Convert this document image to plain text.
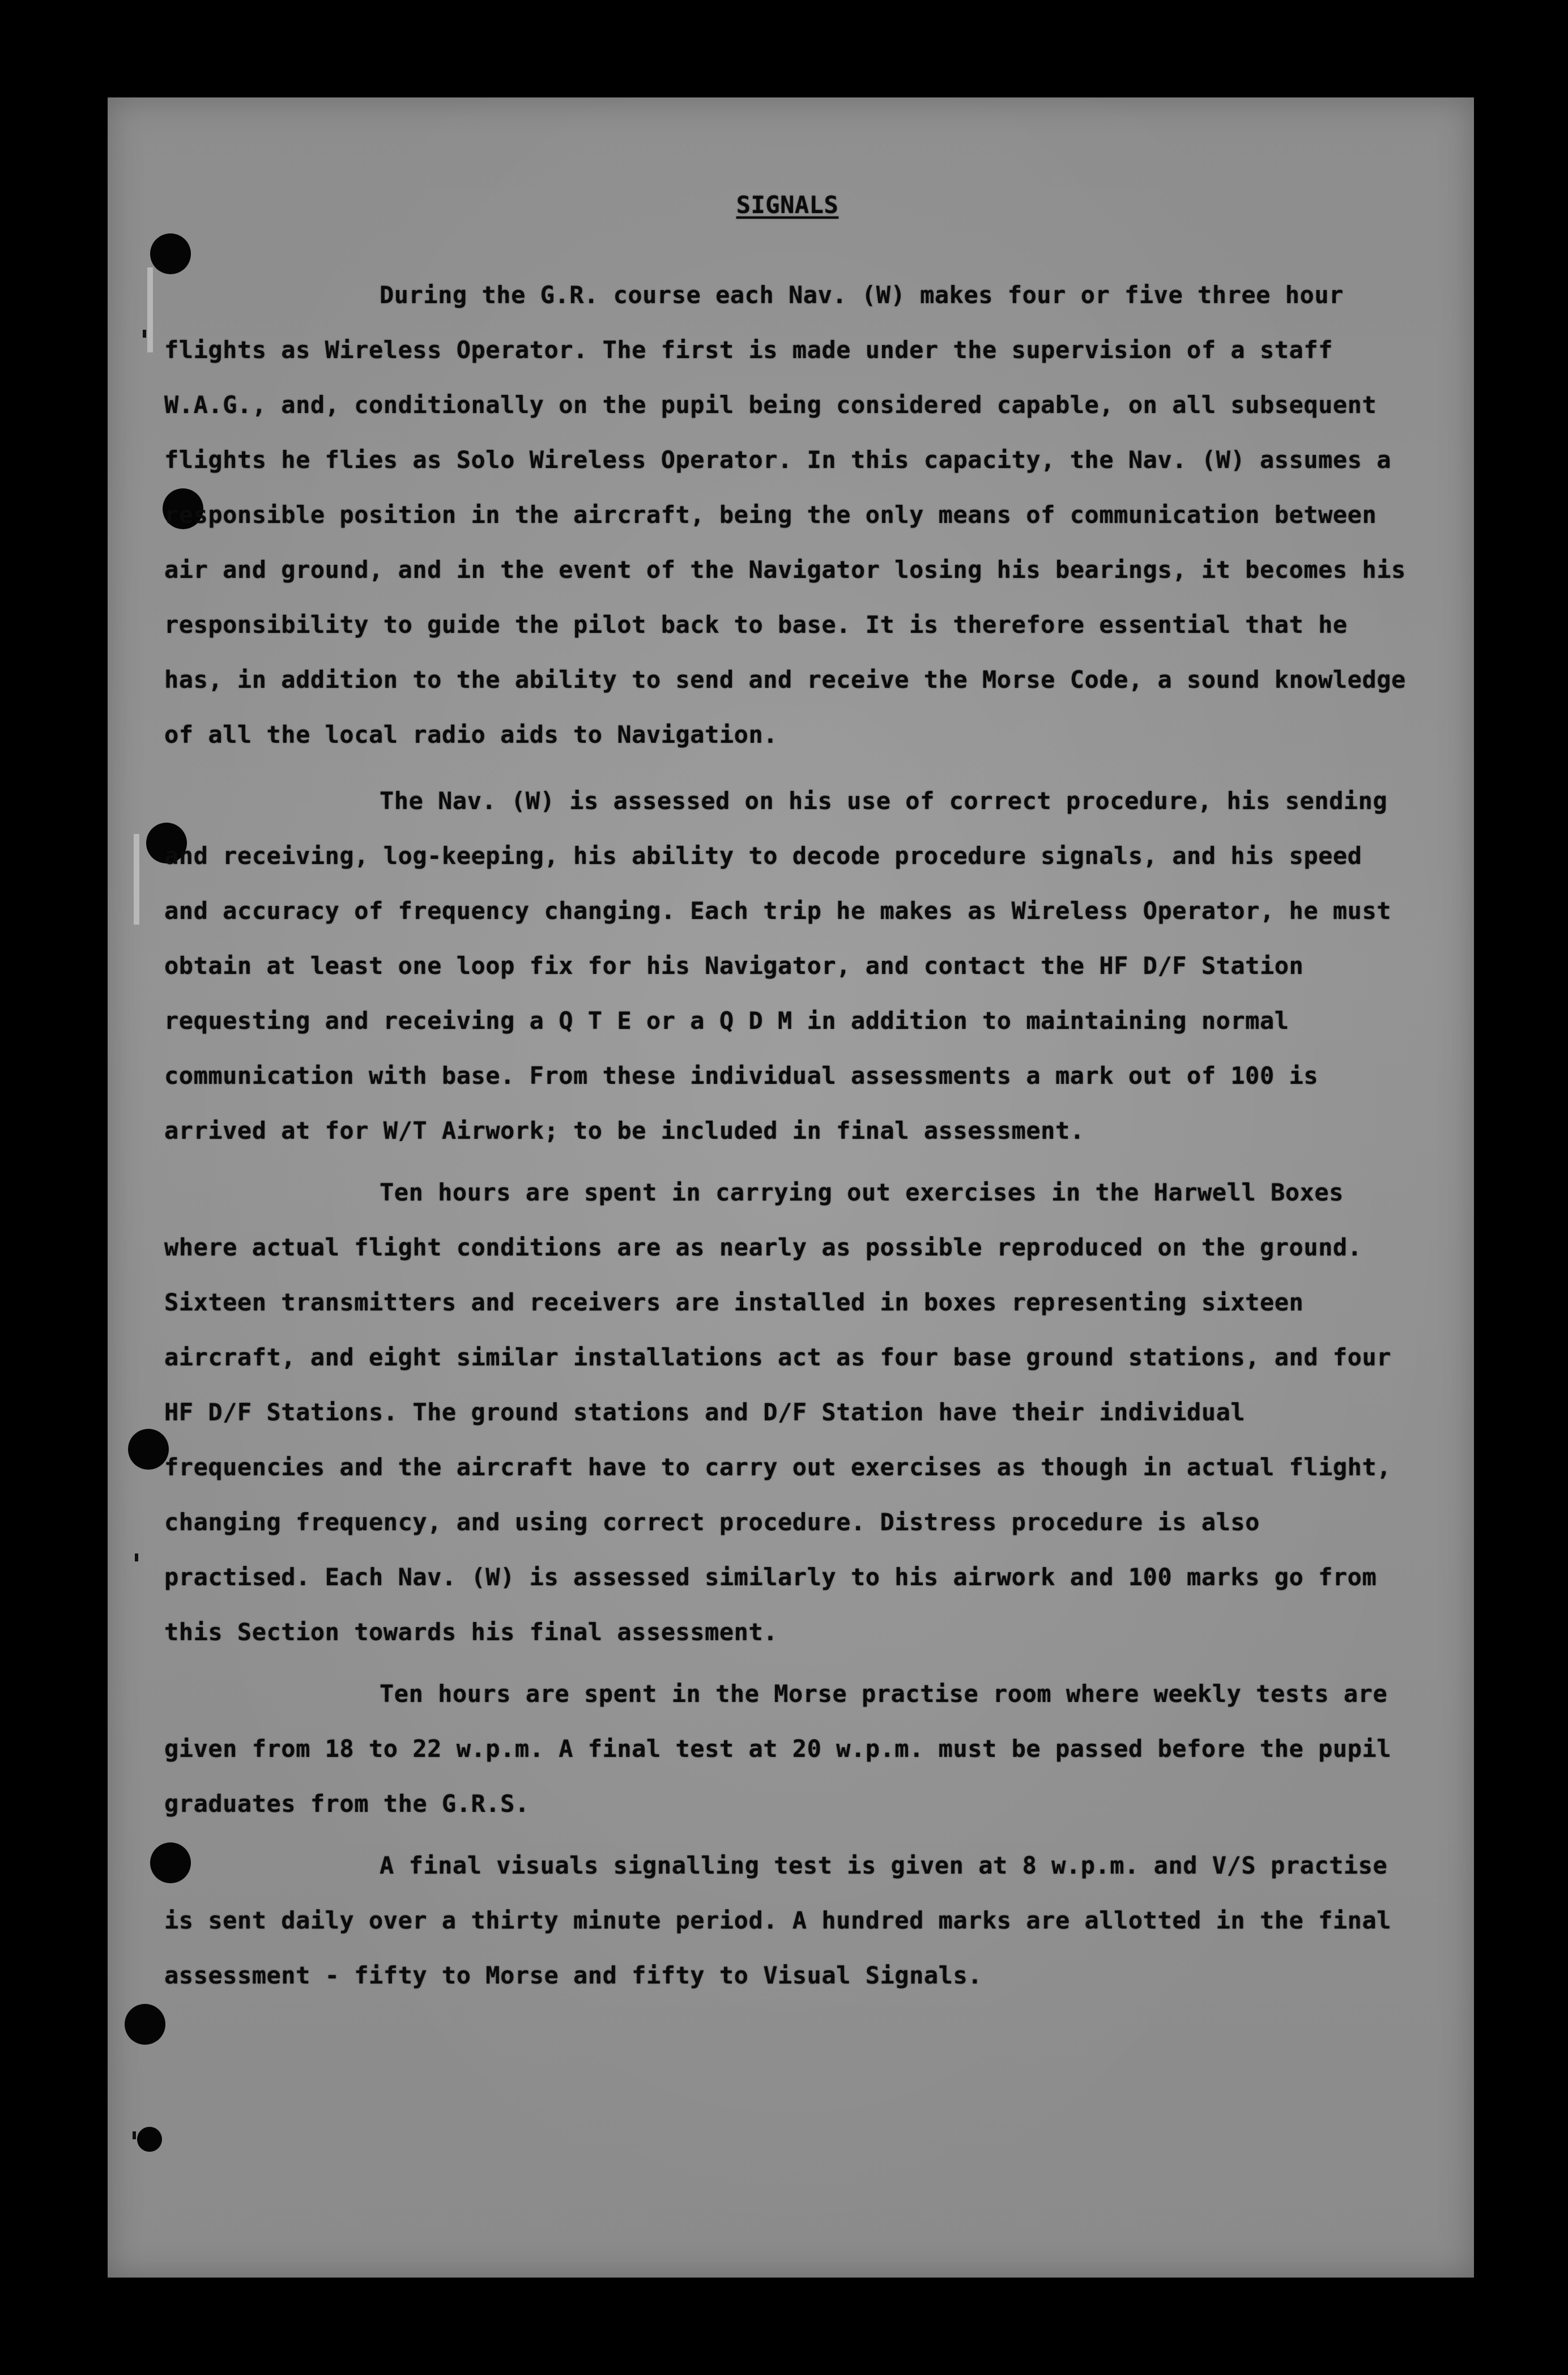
SIGNALS

During the G.R. course each Nav. (W) makes four or five three hour flights as Wireless Operator. The first is made under the supervision of a staff W.A.G., and, conditionally on the pupil being considered capable, on all subsequent flights he flies as Solo Wireless Operator. In this capacity, the Nav. (W) assumes a responsible position in the aircraft, being the only means of communication between air and ground, and in the event of the Navigator losing his bearings, it becomes his responsibility to guide the pilot back to base. It is therefore essential that he has, in addition to the ability to send and receive the Morse Code, a sound knowledge of all the local radio aids to Navigation.

The Nav. (W) is assessed on his use of correct procedure, his sending and receiving, log-keeping, his ability to decode procedure signals, and his speed and accuracy of frequency changing. Each trip he makes as Wireless Operator, he must obtain at least one loop fix for his Navigator, and contact the HF D/F Station requesting and receiving a Q T E or a Q D M in addition to maintaining normal communication with base. From these individual assessments a mark out of 100 is arrived at for W/T Airwork; to be included in final assessment.

Ten hours are spent in carrying out exercises in the Harwell Boxes where actual flight conditions are as nearly as possible reproduced on the ground. Sixteen transmitters and receivers are installed in boxes representing sixteen aircraft, and eight similar installations act as four base ground stations, and four HF D/F Stations. The ground stations and D/F Station have their individual frequencies and the aircraft have to carry out exercises as though in actual flight, changing frequency, and using correct procedure. Distress procedure is also practised. Each Nav. (W) is assessed similarly to his airwork and 100 marks go from this Section towards his final assessment.

Ten hours are spent in the Morse practise room where weekly tests are given from 18 to 22 w.p.m. A final test at 20 w.p.m. must be passed before the pupil graduates from the G.R.S.

A final visuals signalling test is given at 8 w.p.m. and V/S practise is sent daily over a thirty minute period. A hundred marks are allotted in the final assessment - fifty to Morse and fifty to Visual Signals.
